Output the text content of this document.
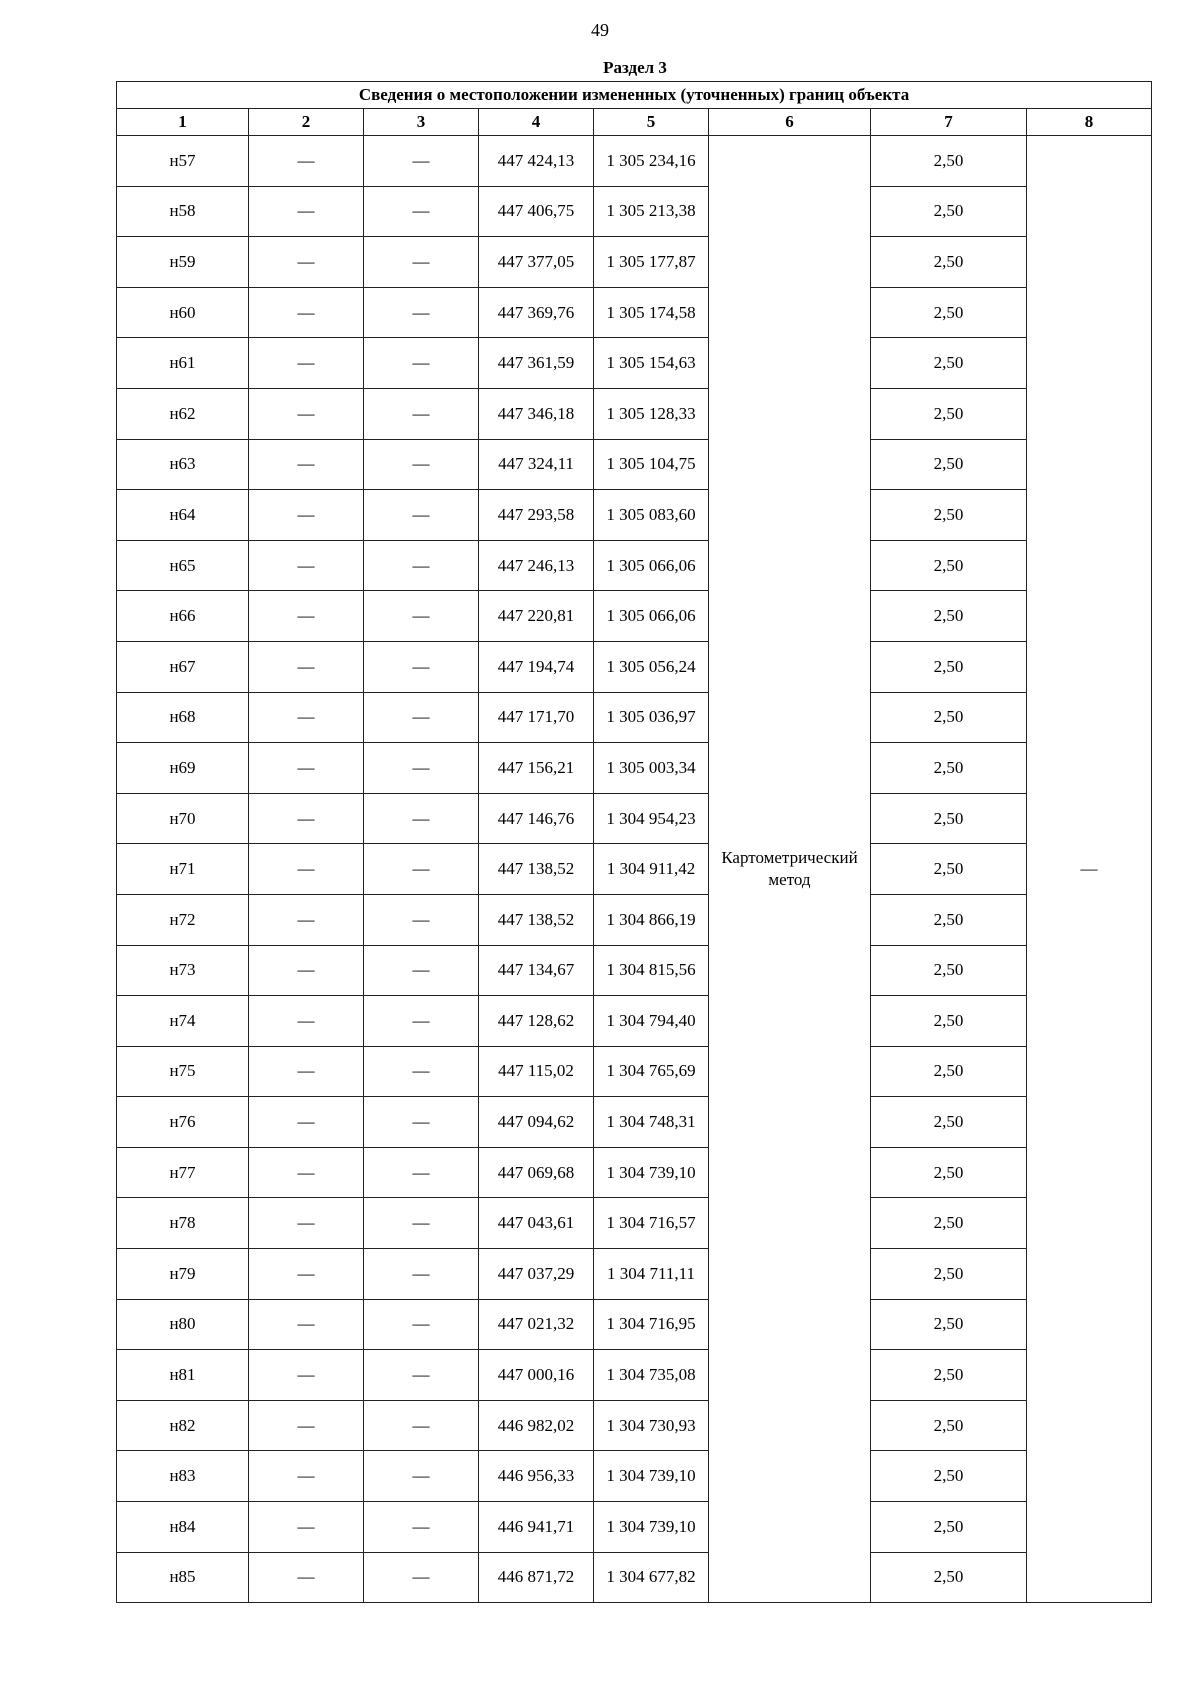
49
Раздел 3
Сведения о местоположении измененных (уточненных) границ объекта							
1	2	3	4	5	6	7	8
н57	—	—	447 424,13	1 305 234,16	Картометрический метод	2,50	—
н58	—	—	447 406,75	1 305 213,38		2,50	
н59	—	—	447 377,05	1 305 177,87		2,50	
н60	—	—	447 369,76	1 305 174,58		2,50	
н61	—	—	447 361,59	1 305 154,63		2,50	
н62	—	—	447 346,18	1 305 128,33		2,50	
н63	—	—	447 324,11	1 305 104,75		2,50	
н64	—	—	447 293,58	1 305 083,60		2,50	
н65	—	—	447 246,13	1 305 066,06		2,50	
н66	—	—	447 220,81	1 305 066,06		2,50	
н67	—	—	447 194,74	1 305 056,24		2,50	
н68	—	—	447 171,70	1 305 036,97		2,50	
н69	—	—	447 156,21	1 305 003,34		2,50	
н70	—	—	447 146,76	1 304 954,23		2,50	
н71	—	—	447 138,52	1 304 911,42		2,50	
н72	—	—	447 138,52	1 304 866,19		2,50	
н73	—	—	447 134,67	1 304 815,56		2,50	
н74	—	—	447 128,62	1 304 794,40		2,50	
н75	—	—	447 115,02	1 304 765,69		2,50	
н76	—	—	447 094,62	1 304 748,31		2,50	
н77	—	—	447 069,68	1 304 739,10		2,50	
н78	—	—	447 043,61	1 304 716,57		2,50	
н79	—	—	447 037,29	1 304 711,11		2,50	
н80	—	—	447 021,32	1 304 716,95		2,50	
н81	—	—	447 000,16	1 304 735,08		2,50	
н82	—	—	446 982,02	1 304 730,93		2,50	
н83	—	—	446 956,33	1 304 739,10		2,50	
н84	—	—	446 941,71	1 304 739,10		2,50	
н85	—	—	446 871,72	1 304 677,82		2,50	
